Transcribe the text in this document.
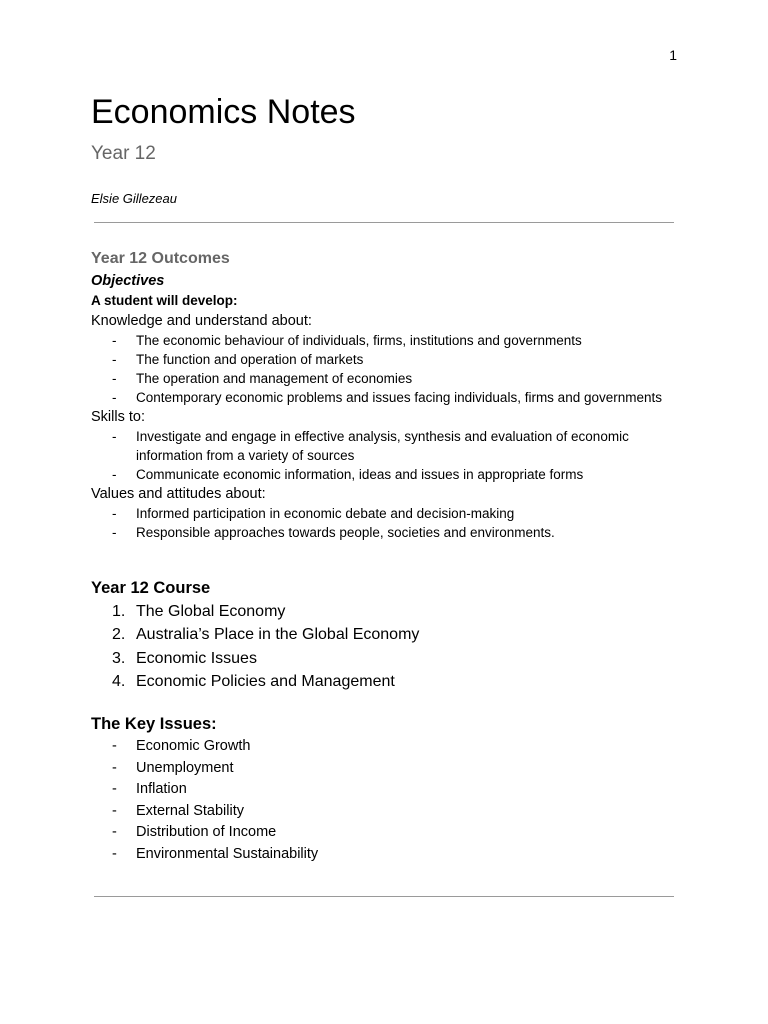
1
Economics Notes
Year 12
Elsie Gillezeau
Year 12 Outcomes
Objectives
A student will develop:
Knowledge and understand about:
- The economic behaviour of individuals, firms, institutions and governments
- The function and operation of markets
- The operation and management of economies
- Contemporary economic problems and issues facing individuals, firms and governments
Skills to:
- Investigate and engage in effective analysis, synthesis and evaluation of economic information from a variety of sources
- Communicate economic information, ideas and issues in appropriate forms
Values and attitudes about:
- Informed participation in economic debate and decision-making
- Responsible approaches towards people, societies and environments.
Year 12 Course
1. The Global Economy
2. Australia’s Place in the Global Economy
3. Economic Issues
4. Economic Policies and Management
The Key Issues:
- Economic Growth
- Unemployment
- Inflation
- External Stability
- Distribution of Income
- Environmental Sustainability
